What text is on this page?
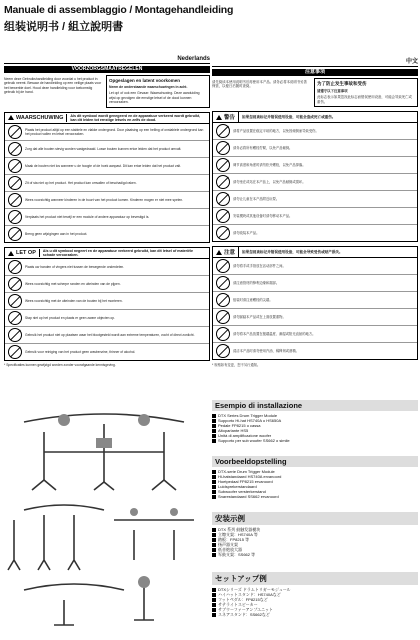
Manuale di assemblaggio / Montagehandleiding
组装说明书 / 組立說明書
Nederlands
VOORZORGSMAATREGELEN
Neem deze Gebruikshandleiding door voordat u het product in gebruik neemt. Bewaar de handleiding op een veilige plaats voor het bewerkte doel. Houd deze handleiding voor toekomstig gebruik bij de hand.
Opgeslagen en latent voorkomen
Neem de onderstaande waarschuwingen in acht.
Let op! of ook een Gevaar: Waarschuwing. Deze aanduiding wijst op gevolgen die ernstige letsel of de dood kunnen veroorzaken.
WAARSCHUWING	Als dit symbool wordt genegeerd en de apparatuur verkeerd wordt gebruikt, kan dit leiden tot ernstige letsels en zelfs de dood.
Plaats het product altijd op een stabiele en vlakke ondergrond. Door plaatsing op een helling of onstabiele ondergrond kan het product vallen en letsel veroorzaken.
Zorg dat alle bouten stevig worden vastgedraaid. Losse bouten kunnen ertoe leiden dat het product omvalt.
Maak de bouten niet los wanneer u de hoogte of de hoek aanpast. Dit kan ertoe leiden dat het product valt.
Zit of sta niet op het product. Het product kan omvallen of beschadigd raken.
Wees voorzichtig wanneer kinderen in de buurt van het product komen. Kinderen mogen er niet mee spelen.
Verplaats het product niet terwijl er een module of andere apparatuur op bevestigd is.
Breng geen wijzigingen aan in het product.
LET OP	Als u dit symbool negeert en de apparatuur verkeerd gebruikt, kan dit letsel of materiële schade veroorzaken.
Plaats uw handen of vingers niet tussen de bewegende onderdelen.
Wees voorzichtig met scherpe randen en uiteinden van de pijpen.
Wees voorzichtig met de uiteinden van de bouten bij het monteren.
Stap niet op het product en plaats er geen zware objecten op.
Gebruik het product niet op plaatsen waar het blootgesteld wordt aan extreme temperaturen, vocht of direct zonlicht.
Gebruik voor reiniging van het product geen wasbenzine, thinner of alcohol.
* Specificaties kunnen gewijzigd worden zonder voorafgaande kennisgeving.
中文
注意事项
请先阅读本使用说明书后再使用本产品。请务必将本说明书妥善保管，以便日后随时查阅。
为了防止发生事故和受伤
请遵守以下注意事项
此标志表示如果忽视此标志而错误使用设备，可能会导致死亡或重伤。
警告	如果忽视该标记并错误使用设备，可能会造成死亡或重伤。
请将产品放置在稳定平坦的地方，以免因倾倒而导致受伤。
请务必将所有螺栓拧紧，以免产品倾倒。
调节高度和角度时请勿松开螺栓，以免产品掉落。
请勿坐在或站在本产品上，以免产品倾倒或损坏。
请勿让儿童在本产品附近玩耍。
安装模块或其他设备时请勿移动本产品。
请勿改装本产品。
注意	如果忽视该标记并错误使用设备，可能会导致受伤或财产损失。
请勿将手或手指放在活动部件之间。
请注意管材的锋利边缘和端部。
组装时请注意螺栓的尖端。
请勿踩踏本产品或在上面放置重物。
请勿将本产品放置在极端温度、潮湿或阳光直射的地方。
清洁本产品时请勿使用汽油、稀释剂或酒精。
* 规格如有变更，恕不另行通知。
Esempio di installazione
DTX Series Drum Trigger Module
Supporto Hi-hat HS740A o HS650A
Pedale FP8215 o cassa
Altoparlante HS5
Unità di amplificazione woofer
Supporto per sub woofer SS662 o simile
Voorbeeldopstelling
DTX-serie Drum Trigger Module
Hi-hatstandaard HS740A ervanoord
Hoetpedaal FP8215 ervanoord
Luidsprekerstandaard
Subwoofer versterkerstand
Snarestandaard SS662 ervanoord
安装示例
DTX 系列 鼓触发器模块
立镲支架：HS740A 等
踏板：FP8215 等
扬声器支架
低音炮放大器
军鼓支架：SS662 等
セットアップ例
DTXシリーズ ドラムトリガーモジュール
ハイハットスタンド：HS740Aなど
フットペダル：FP8215など
サテライトスピーカー
サブウーファーアンプユニット
スネアスタンド：SS662など
